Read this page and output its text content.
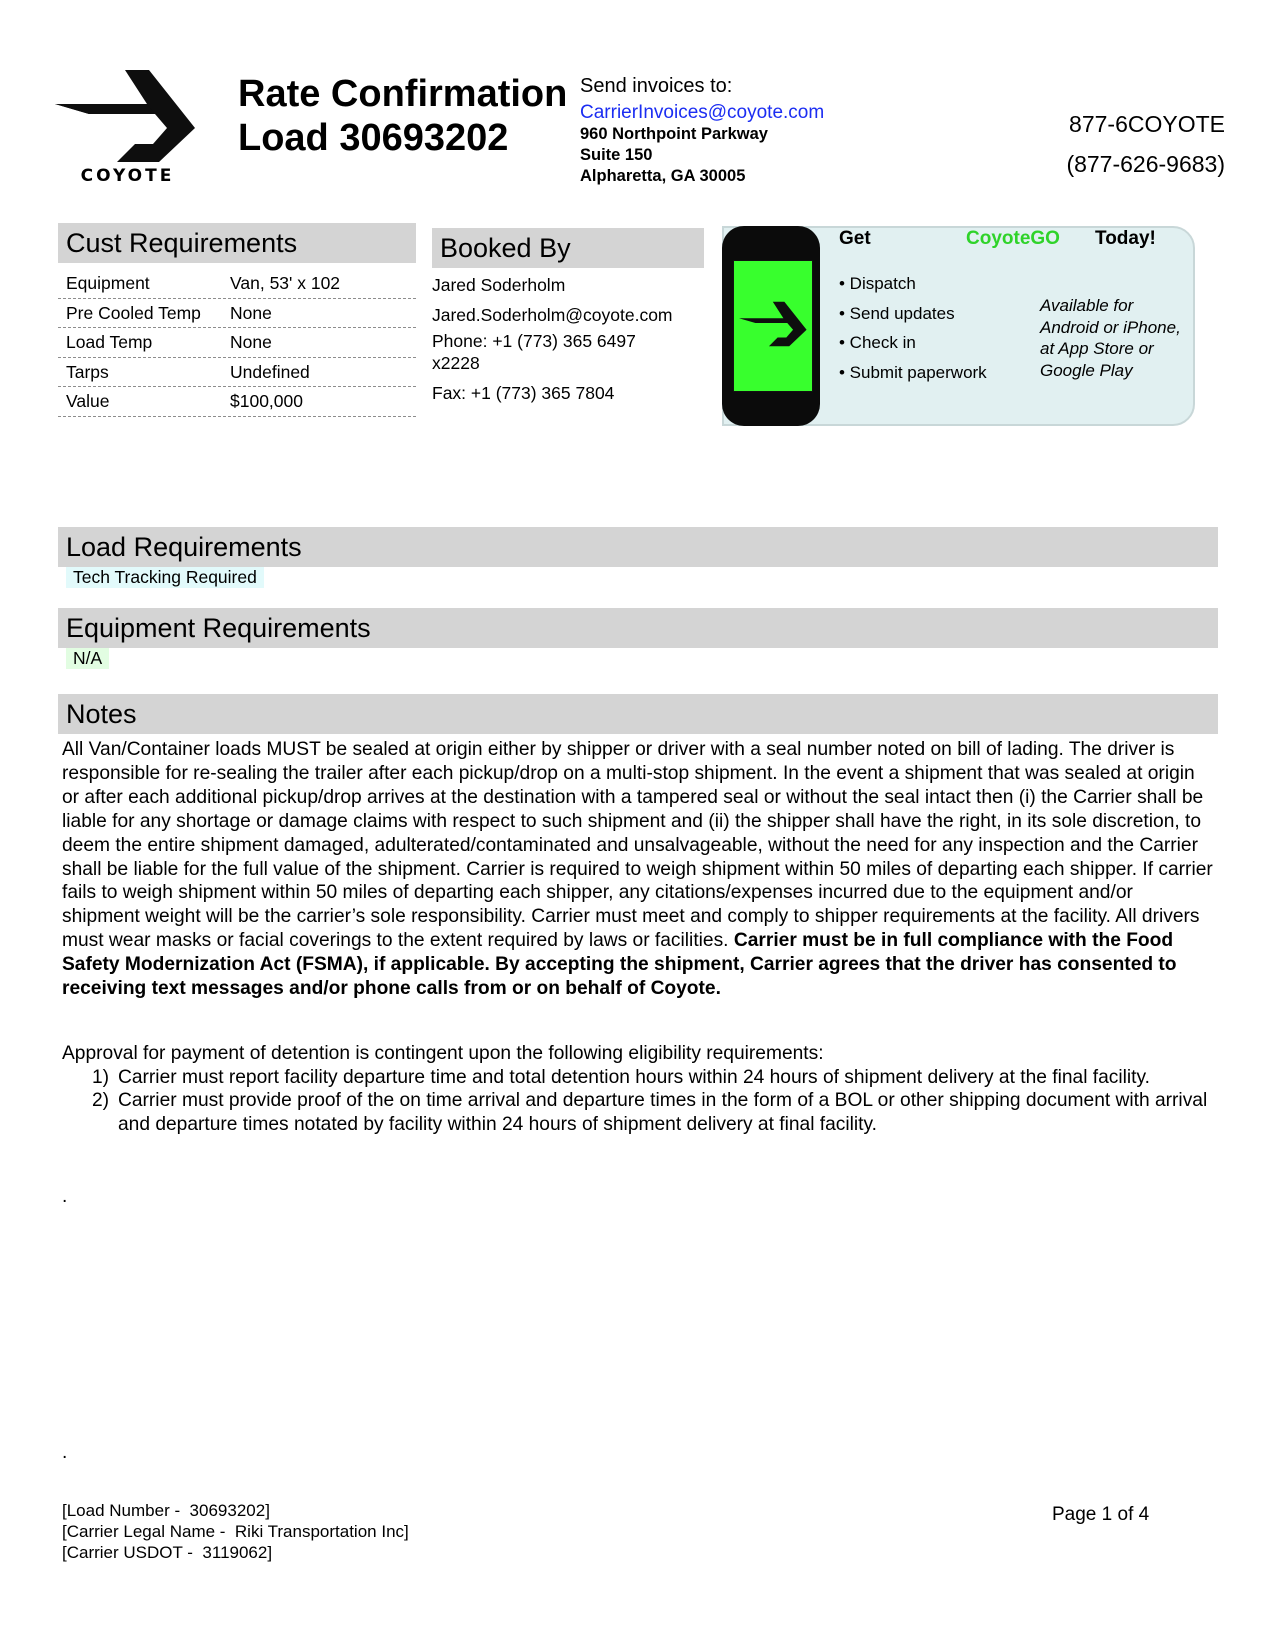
COYOTE
Rate Confirmation
Load 30693202
Send invoices to:
CarrierInvoices@coyote.com
960 Northpoint Parkway
Suite 150
Alpharetta, GA 30005
877-6COYOTE
(877-626-9683)
Cust Requirements
Equipment	Van, 53' x 102
Pre Cooled Temp	None
Load Temp	None
Tarps	Undefined
Value	$100,000
Booked By
Jared Soderholm
Jared.Soderholm@coyote.com
Phone: +1 (773) 365 6497
x2228
Fax: +1 (773) 365 7804
Get	CoyoteGO Today!
• Dispatch
• Send updates
• Check in
• Submit paperwork
Available for Android or iPhone, at App Store or Google Play
Load Requirements
Tech Tracking Required
Equipment Requirements
N/A
Notes
All Van/Container loads MUST be sealed at origin either by shipper or driver with a seal number noted on bill of lading. The driver is responsible for re-sealing the trailer after each pickup/drop on a multi-stop shipment. In the event a shipment that was sealed at origin or after each additional pickup/drop arrives at the destination with a tampered seal or without the seal intact then (i) the Carrier shall be liable for any shortage or damage claims with respect to such shipment and (ii) the shipper shall have the right, in its sole discretion, to deem the entire shipment damaged, adulterated/contaminated and unsalvageable, without the need for any inspection and the Carrier shall be liable for the full value of the shipment. Carrier is required to weigh shipment within 50 miles of departing each shipper. If carrier fails to weigh shipment within 50 miles of departing each shipper, any citations/expenses incurred due to the equipment and/or shipment weight will be the carrier’s sole responsibility. Carrier must meet and comply to shipper requirements at the facility. All drivers must wear masks or facial coverings to the extent required by laws or facilities. Carrier must be in full compliance with the Food Safety Modernization Act (FSMA), if applicable. By accepting the shipment, Carrier agrees that the driver has consented to receiving text messages and/or phone calls from or on behalf of Coyote.
Approval for payment of detention is contingent upon the following eligibility requirements:
1) Carrier must report facility departure time and total detention hours within 24 hours of shipment delivery at the final facility.
2) Carrier must provide proof of the on time arrival and departure times in the form of a BOL or other shipping document with arrival and departure times notated by facility within 24 hours of shipment delivery at final facility.
.
.
[Load Number -  30693202]
[Carrier Legal Name -  Riki Transportation Inc]
[Carrier USDOT -  3119062]
Page 1 of 4
